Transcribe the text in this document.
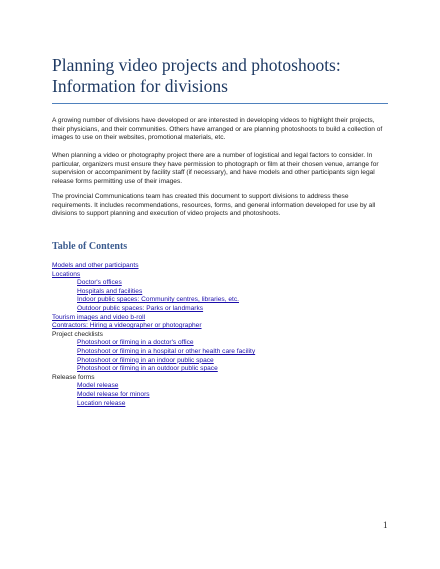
Planning video projects and photoshoots: Information for divisions

A growing number of divisions have developed or are interested in developing videos to highlight their projects, their physicians, and their communities. Others have arranged or are planning photoshoots to build a collection of images to use on their websites, promotional materials, etc.

When planning a video or photography project there are a number of logistical and legal factors to consider. In particular, organizers must ensure they have permission to photograph or film at their chosen venue, arrange for supervision or accompaniment by facility staff (if necessary), and have models and other participants sign legal release forms permitting use of their images.

The provincial Communications team has created this document to support divisions to address these requirements. It includes recommendations, resources, forms, and general information developed for use by all divisions to support planning and execution of video projects and photoshoots.

Table of Contents
Models and other participants
Locations
Doctor's offices
Hospitals and facilities
Indoor public spaces: Community centres, libraries, etc.
Outdoor public spaces: Parks or landmarks
Tourism images and video b-roll
Contractors: Hiring a videographer or photographer
Project checklists
Photoshoot or filming in a doctor's office
Photoshoot or filming in a hospital or other health care facility
Photoshoot or filming in an indoor public space
Photoshoot or filming in an outdoor public space
Release forms
Model release
Model release for minors
Location release
1
